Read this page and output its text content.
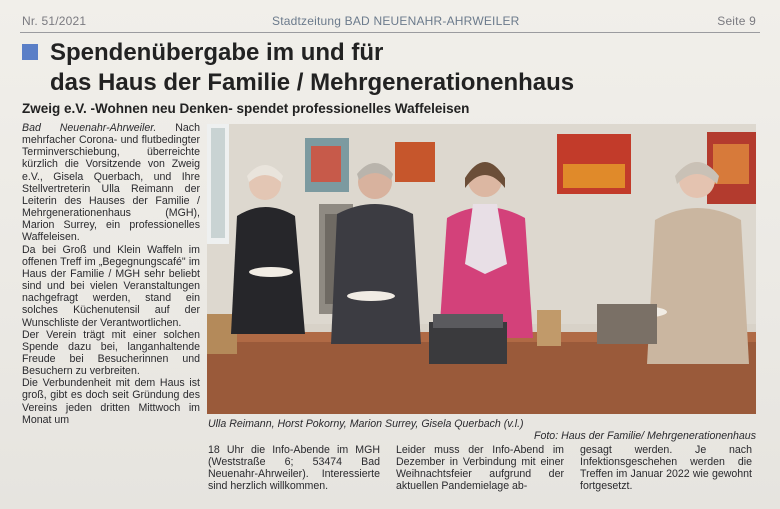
Nr. 51/2021	Stadtzeitung BAD NEUENAHR-AHRWEILER	Seite 9
Spendenübergabe im und für
das Haus der Familie / Mehrgenerationenhaus
Zweig e.V. -Wohnen neu Denken- spendet professionelles Waffeleisen

Bad Neuenahr-Ahrweiler. Nach mehrfacher Corona- und flutbedingter Terminverschiebung, überreichte kürzlich die Vorsitzende von Zweig e.V., Gisela Querbach, und Ihre Stellvertreterin Ulla Reimann der Leiterin des Hauses der Familie / Mehrgenerationenhaus (MGH), Marion Surrey, ein professionelles Waffeleisen.

Da bei Groß und Klein Waffeln im offenen Treff im „Begegnungscafé" im Haus der Familie / MGH sehr beliebt sind und bei vielen Veranstaltungen nachgefragt werden, stand ein solches Küchenutensil auf der Wunschliste der Verantwortlichen.

Der Verein trägt mit einer solchen Spende dazu bei, langanhaltende Freude bei Besucherinnen und Besuchern zu verbreiten.

Die Verbundenheit mit dem Haus ist groß, gibt es doch seit Gründung des Vereins jeden dritten Mittwoch im Monat um	Ulla Reimann, Horst Pokorny, Marion Surrey, Gisela Querbach (v.l.)
Foto: Haus der Familie/ Mehrgenerationenhaus
18 Uhr die Info-Abende im MGH (Weststraße 6; 53474 Bad Neuenahr-Ahrweiler). Interessierte sind herzlich willkommen.
Leider muss der Info-Abend im Dezember in Verbindung mit einer Weihnachtsfeier aufgrund der aktuellen Pandemielage ab-
gesagt werden. Je nach Infektionsgeschehen werden die Treffen im Januar 2022 wie gewohnt fortgesetzt.
